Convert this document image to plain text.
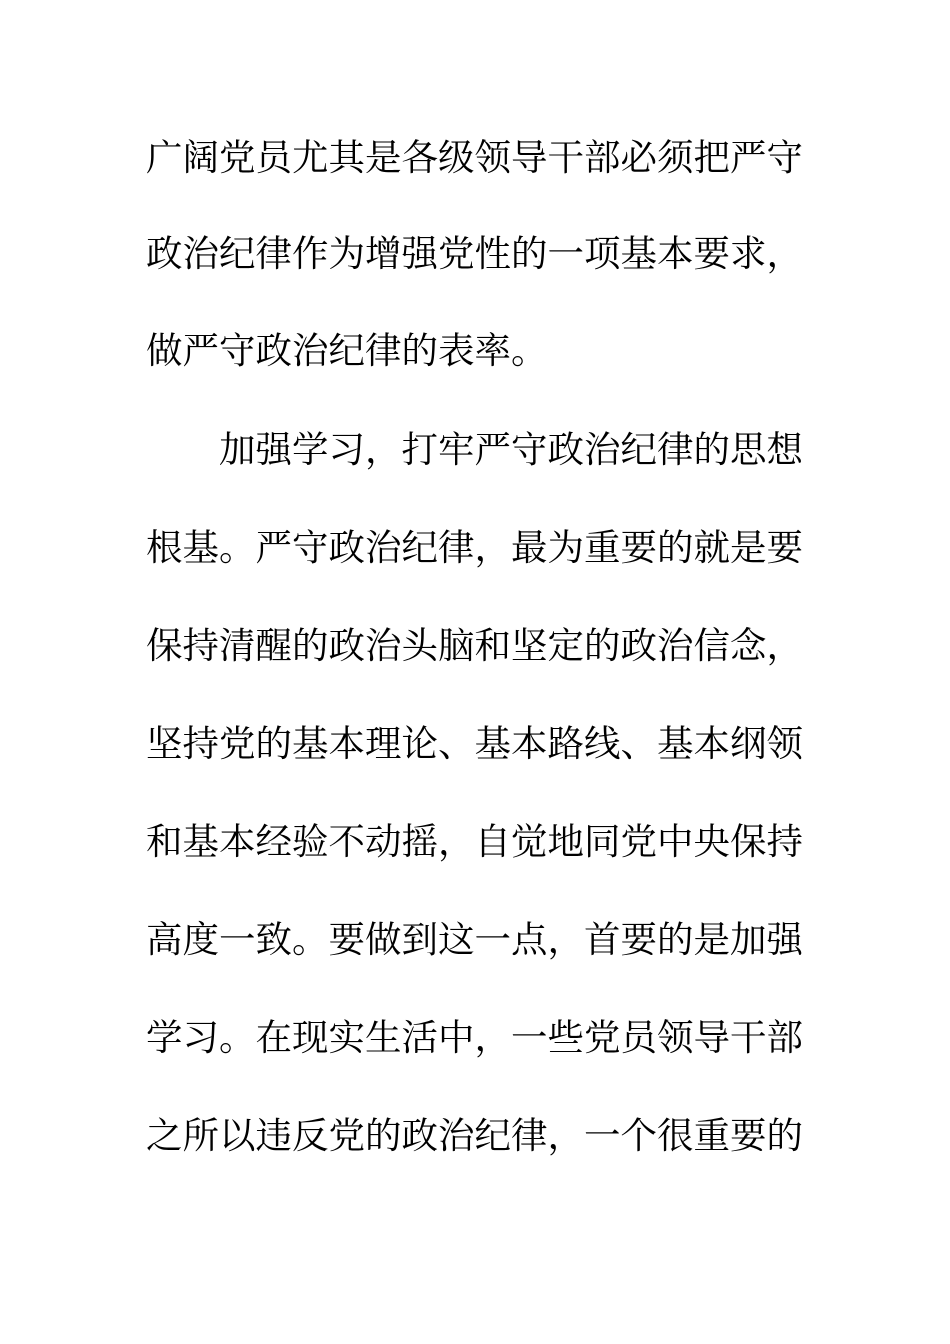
广阔党员尤其是各级领导干部必须把严守
政治纪律作为增强党性的一项基本要求，
做严守政治纪律的表率。
加强学习，打牢严守政治纪律的思想
根基。严守政治纪律，最为重要的就是要
保持清醒的政治头脑和坚定的政治信念，
坚持党的基本理论、基本路线、基本纲领
和基本经验不动摇，自觉地同党中央保持
高度一致。要做到这一点，首要的是加强
学习。在现实生活中，一些党员领导干部
之所以违反党的政治纪律，一个很重要的
